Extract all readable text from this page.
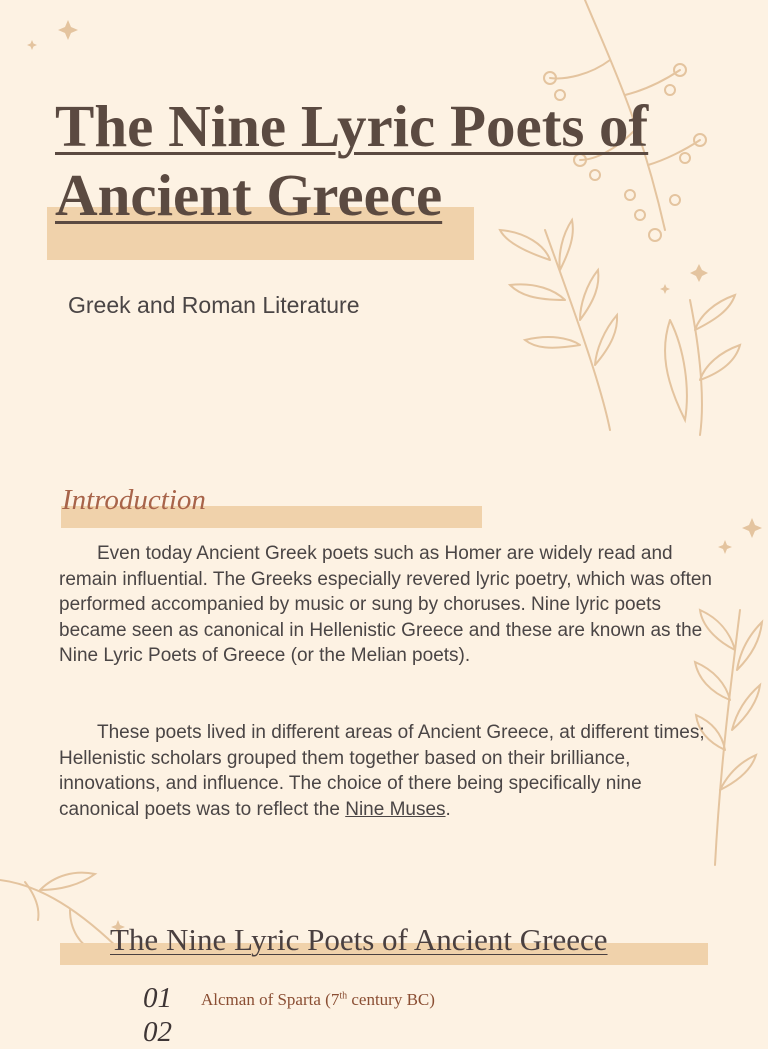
The Nine Lyric Poets of Ancient Greece
Greek and Roman Literature
Introduction

Even today Ancient Greek poets such as Homer are widely read and remain influential. The Greeks especially revered lyric poetry, which was often performed accompanied by music or sung by choruses. Nine lyric poets became seen as canonical in Hellenistic Greece and these are known as the Nine Lyric Poets of Greece (or the Melian poets).

These poets lived in different areas of Ancient Greece, at different times; Hellenistic scholars grouped them together based on their brilliance, innovations, and influence. The choice of there being specifically nine canonical poets was to reflect the Nine Muses.

The Nine Lyric Poets of Ancient Greece
01 Alcman of Sparta (7th century BC)
02
